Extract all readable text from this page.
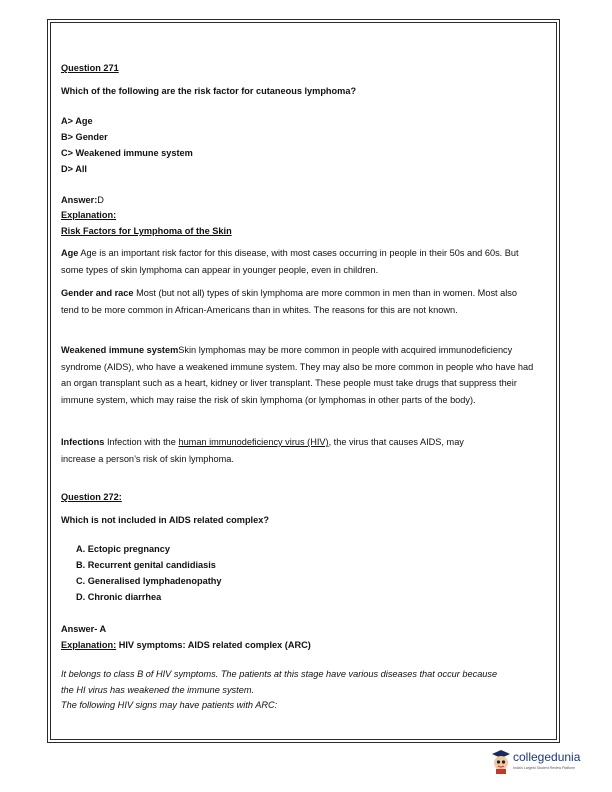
Question 271
Which of the following are the risk factor for cutaneous lymphoma?
A> Age
B> Gender
C> Weakened immune system
D> All
Answer:D
Explanation:
Risk Factors for Lymphoma of the Skin
Age Age is an important risk factor for this disease, with most cases occurring in people in their 50s and 60s. But some types of skin lymphoma can appear in younger people, even in children.
Gender and race Most (but not all) types of skin lymphoma are more common in men than in women. Most also tend to be more common in African-Americans than in whites. The reasons for this are not known.
Weakened immune systemSkin lymphomas may be more common in people with acquired immunodeficiency syndrome (AIDS), who have a weakened immune system. They may also be more common in people who have had an organ transplant such as a heart, kidney or liver transplant. These people must take drugs that suppress their immune system, which may raise the risk of skin lymphoma (or lymphomas in other parts of the body).
Infections Infection with the human immunodeficiency virus (HIV), the virus that causes AIDS, may
increase a person’s risk of skin lymphoma.
Question 272:
Which is not included in AIDS related complex?
A. Ectopic pregnancy
B. Recurrent genital candidiasis
C. Generalised lymphadenopathy
D. Chronic diarrhea
Answer- A
Explanation: HIV symptoms: AIDS related complex (ARC)
It belongs to class B of HIV symptoms. The patients at this stage have various diseases that occur because
the HI virus has weakened the immune system.
The following HIV signs may have patients with ARC:
collegedunia
India's Largest Student Review Platform
